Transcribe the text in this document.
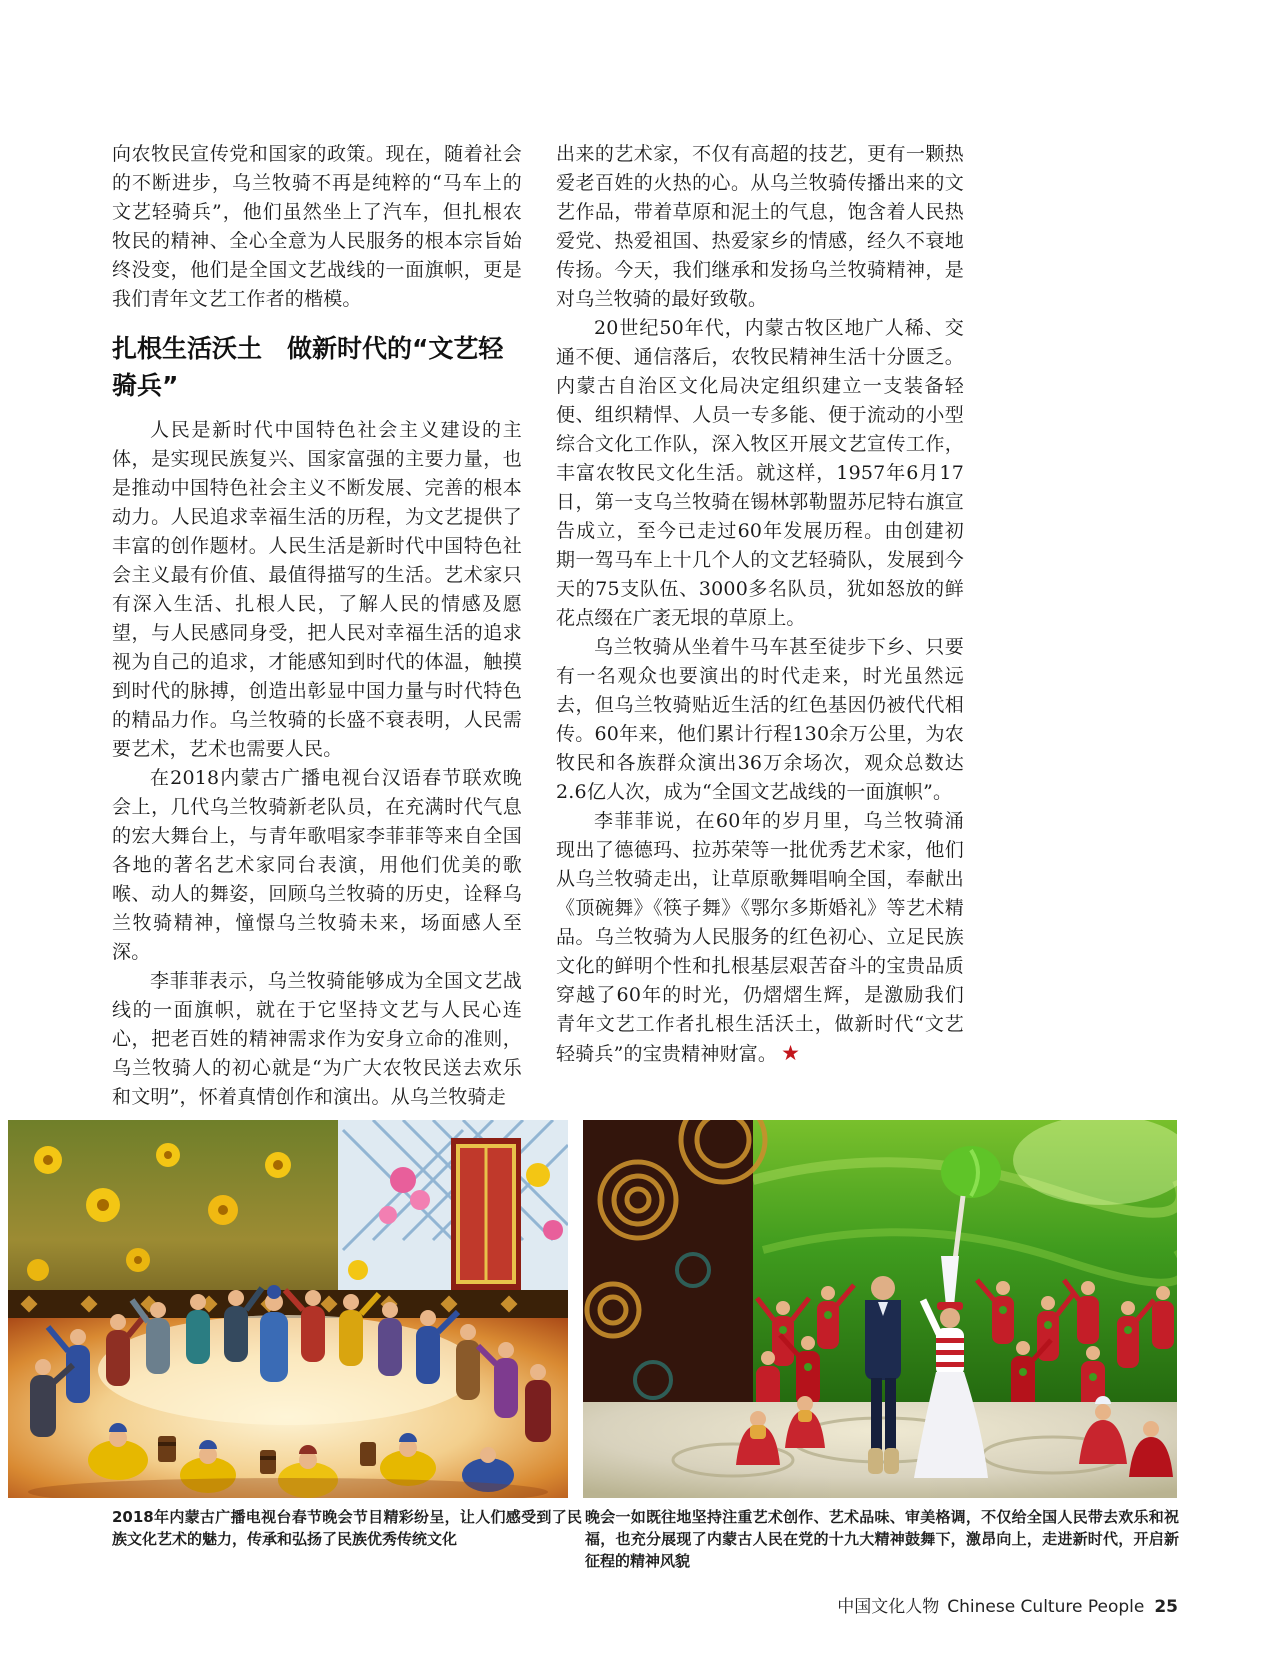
向农牧民宣传党和国家的政策。现在，随着社会的不断进步，乌兰牧骑不再是纯粹的“马车上的文艺轻骑兵”，他们虽然坐上了汽车，但扎根农牧民的精神、全心全意为人民服务的根本宗旨始终没变，他们是全国文艺战线的一面旗帜，更是我们青年文艺工作者的楷模。

扎根生活沃土　做新时代的“文艺轻骑兵”

人民是新时代中国特色社会主义建设的主体，是实现民族复兴、国家富强的主要力量，也是推动中国特色社会主义不断发展、完善的根本动力。人民追求幸福生活的历程，为文艺提供了丰富的创作题材。人民生活是新时代中国特色社会主义最有价值、最值得描写的生活。艺术家只有深入生活、扎根人民，了解人民的情感及愿望，与人民感同身受，把人民对幸福生活的追求视为自己的追求，才能感知到时代的体温，触摸到时代的脉搏，创造出彰显中国力量与时代特色的精品力作。乌兰牧骑的长盛不衰表明，人民需要艺术，艺术也需要人民。

在2018内蒙古广播电视台汉语春节联欢晚会上，几代乌兰牧骑新老队员，在充满时代气息的宏大舞台上，与青年歌唱家李菲菲等来自全国各地的著名艺术家同台表演，用他们优美的歌喉、动人的舞姿，回顾乌兰牧骑的历史，诠释乌兰牧骑精神，憧憬乌兰牧骑未来，场面感人至深。

李菲菲表示，乌兰牧骑能够成为全国文艺战线的一面旗帜，就在于它坚持文艺与人民心连心，把老百姓的精神需求作为安身立命的准则，乌兰牧骑人的初心就是“为广大农牧民送去欢乐和文明”，怀着真情创作和演出。从乌兰牧骑走

出来的艺术家，不仅有高超的技艺，更有一颗热爱老百姓的火热的心。从乌兰牧骑传播出来的文艺作品，带着草原和泥土的气息，饱含着人民热爱党、热爱祖国、热爱家乡的情感，经久不衰地传扬。今天，我们继承和发扬乌兰牧骑精神，是对乌兰牧骑的最好致敬。

20世纪50年代，内蒙古牧区地广人稀、交通不便、通信落后，农牧民精神生活十分匮乏。内蒙古自治区文化局决定组织建立一支装备轻便、组织精悍、人员一专多能、便于流动的小型综合文化工作队，深入牧区开展文艺宣传工作，丰富农牧民文化生活。就这样，1957年6月17日，第一支乌兰牧骑在锡林郭勒盟苏尼特右旗宣告成立，至今已走过60年发展历程。由创建初期一驾马车上十几个人的文艺轻骑队，发展到今天的75支队伍、3000多名队员，犹如怒放的鲜花点缀在广袤无垠的草原上。

乌兰牧骑从坐着牛马车甚至徒步下乡、只要有一名观众也要演出的时代走来，时光虽然远去，但乌兰牧骑贴近生活的红色基因仍被代代相传。60年来，他们累计行程130余万公里，为农牧民和各族群众演出36万余场次，观众总数达2.6亿人次，成为“全国文艺战线的一面旗帜”。

李菲菲说，在60年的岁月里，乌兰牧骑涌现出了德德玛、拉苏荣等一批优秀艺术家，他们从乌兰牧骑走出，让草原歌舞唱响全国，奉献出《顶碗舞》《筷子舞》《鄂尔多斯婚礼》等艺术精品。乌兰牧骑为人民服务的红色初心、立足民族文化的鲜明个性和扎根基层艰苦奋斗的宝贵品质穿越了60年的时光，仍熠熠生辉，是激励我们青年文艺工作者扎根生活沃土，做新时代“文艺轻骑兵”的宝贵精神财富。 ★

2018年内蒙古广播电视台春节晚会节目精彩纷呈，让人们感受到了民族文化艺术的魅力，传承和弘扬了民族优秀传统文化

晚会一如既往地坚持注重艺术创作、艺术品味、审美格调，不仅给全国人民带去欢乐和祝福，也充分展现了内蒙古人民在党的十九大精神鼓舞下，激昂向上，走进新时代，开启新征程的精神风貌

中国文化人物 Chinese Culture People 25
